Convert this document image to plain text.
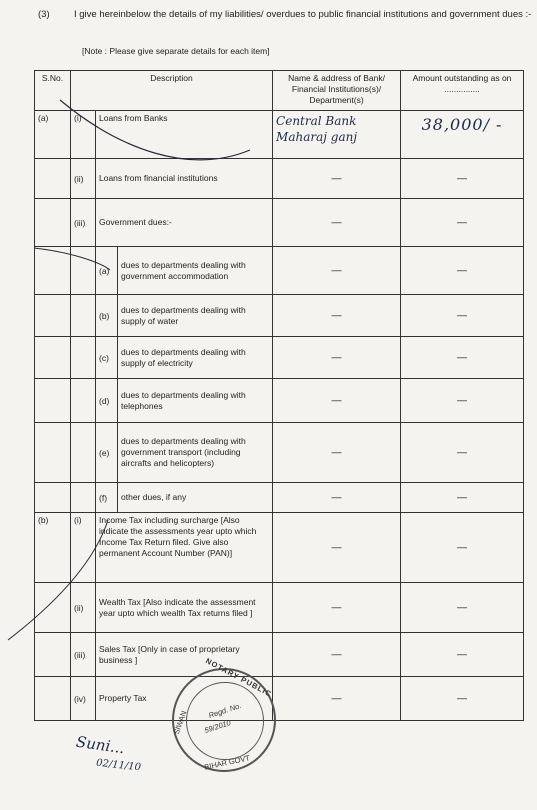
(3)	I give hereinbelow the details of my liabilities/ overdues to public financial institutions and government dues :-
[Note : Please give separate details for each item]
S.No.	Description			Name & address of Bank/ Financial Institutions(s)/ Department(s)	Amount outstanding as on ...............
(a)	(i)	Loans from Banks		Central Bank Maharaj ganj	38,000/ -
	(ii)	Loans from financial institutions		—	—
	(iii)	Government dues:-		—	—
		(a)	dues to departments dealing with government accommodation	—	—
		(b)	dues to departments dealing with supply of water	—	—
		(c)	dues to departments dealing with supply of electricity	—	—
		(d)	dues to departments dealing with telephones	—	—
		(e)	dues to departments dealing with government transport (including aircrafts and helicopters)	—	—
		(f)	other dues, if any	—	—
(b)	(i)	Income Tax including surcharge [Also indicate the assessments year upto which Income Tax Return filed. Give also permanent Account Number (PAN)]		—	—
	(ii)	Wealth Tax [Also indicate the assessment year upto which wealth Tax returns filed ]		—	—
	(iii)	Sales Tax [Only in case of proprietary business ]		—	—
	(iv)	Property Tax		—	—
NOTARY PUBLIC
SIWAN
BIHAR GOVT
Regd. No.
59/2010
Suni...
02/11/10
